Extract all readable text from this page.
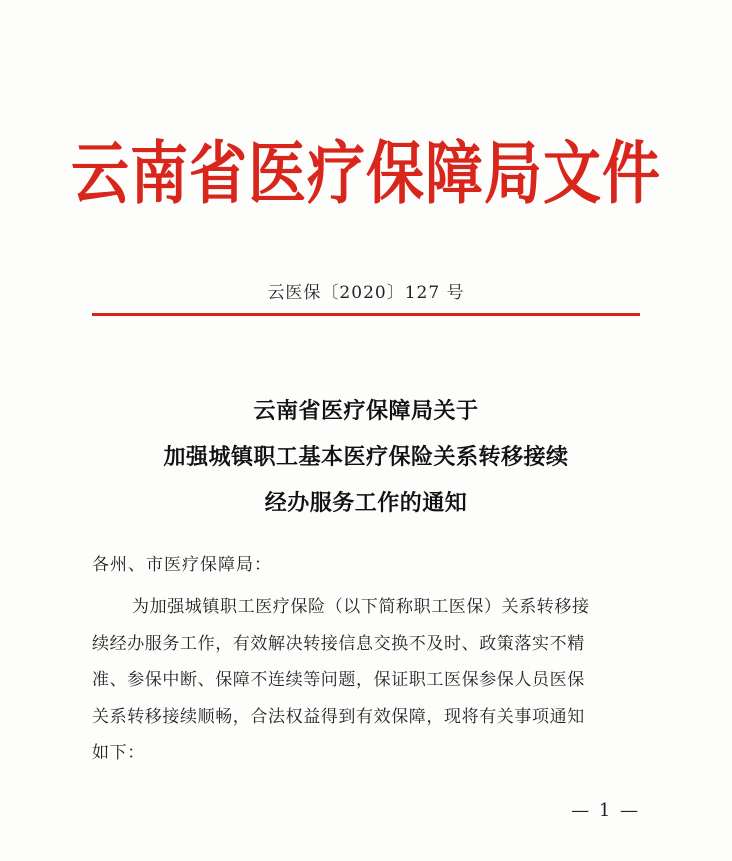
云南省医疗保障局文件
云医保〔2020〕127 号
云南省医疗保障局关于
加强城镇职工基本医疗保险关系转移接续
经办服务工作的通知
各州、市医疗保障局：
为加强城镇职工医疗保险（以下简称职工医保）关系转移接
续经办服务工作，有效解决转接信息交换不及时、政策落实不精
准、参保中断、保障不连续等问题，保证职工医保参保人员医保
关系转移接续顺畅，合法权益得到有效保障，现将有关事项通知
如下：
— 1 —
